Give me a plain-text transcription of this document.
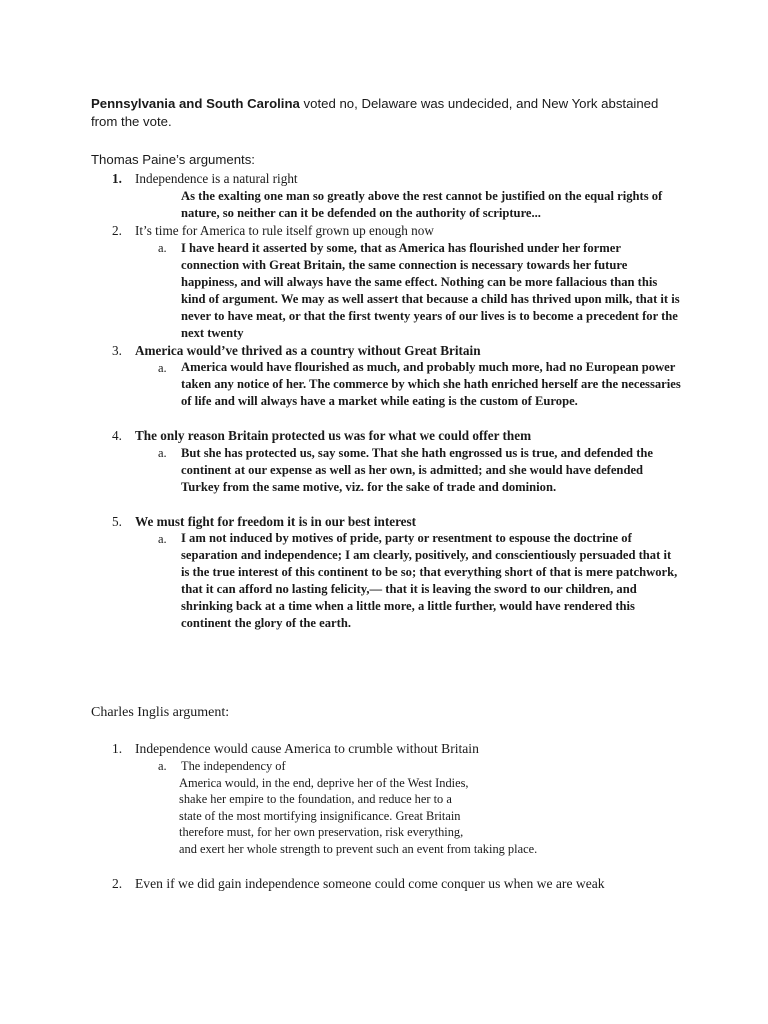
Pennsylvania and South Carolina voted no, Delaware was undecided, and New York abstained from the vote.

Thomas Paine’s arguments:

1. Independence is a natural right

As the exalting one man so greatly above the rest cannot be justified on the equal rights of nature, so neither can it be defended on the authority of scripture...

2. It’s time for America to rule itself grown up enough now
a. I have heard it asserted by some, that as America has flourished under her former connection with Great Britain, the same connection is necessary towards her future happiness, and will always have the same effect. Nothing can be more fallacious than this kind of argument. We may as well assert that because a child has thrived upon milk, that it is never to have meat, or that the first twenty years of our lives is to become a precedent for the next twenty

3. America would’ve thrived as a country without Great Britain
a. America would have flourished as much, and probably much more, had no European power taken any notice of her. The commerce by which she hath enriched herself are the necessaries of life and will always have a market while eating is the custom of Europe.

4. The only reason Britain protected us was for what we could offer them
a. But she has protected us, say some. That she hath engrossed us is true, and defended the continent at our expense as well as her own, is admitted; and she would have defended Turkey from the same motive, viz. for the sake of trade and dominion.

5. We must fight for freedom it is in our best interest
a. I am not induced by motives of pride, party or resentment to espouse the doctrine of separation and independence; I am clearly, positively, and conscientiously persuaded that it is the true interest of this continent to be so; that everything short of that is mere patchwork, that it can afford no lasting felicity,— that it is leaving the sword to our children, and shrinking back at a time when a little more, a little further, would have rendered this continent the glory of the earth.

Charles Inglis argument:

1. Independence would cause America to crumble without Britain
a. The independency of
America would, in the end, deprive her of the West Indies,
shake her empire to the foundation, and reduce her to a
state of the most mortifying insignificance. Great Britain
therefore must, for her own preservation, risk everything,
and exert her whole strength to prevent such an event from taking place.
2. Even if we did gain independence someone could come conquer us when we are weak
